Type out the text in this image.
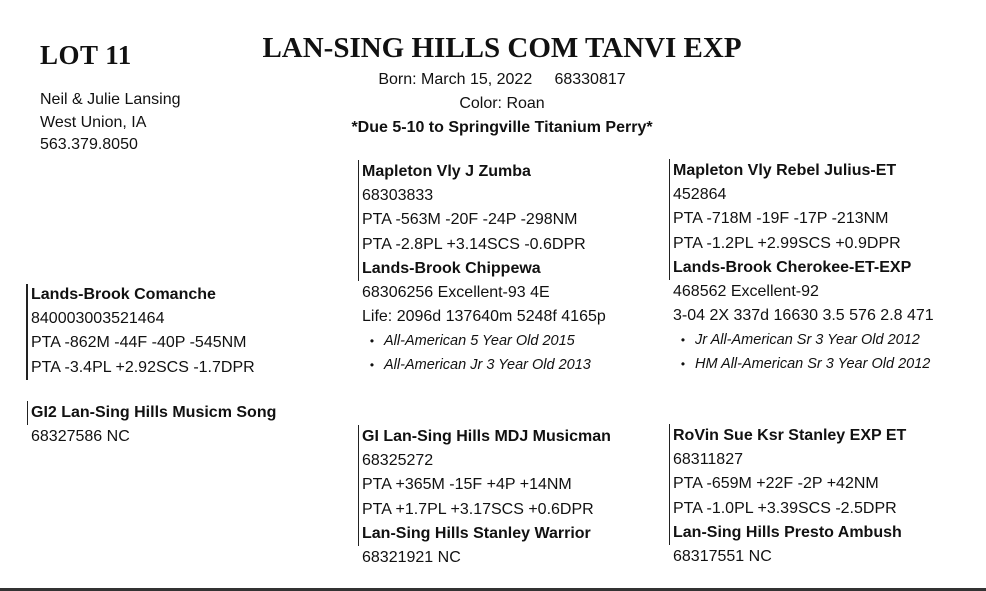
LOT 11	LAN-SING HILLS COM TANVI EXP
Born: March 15, 2022     68330817
Color: Roan
*Due 5-10 to Springville Titanium Perry*
Neil & Julie Lansing
West Union, IA
563.379.8050
Lands-Brook Comanche
840003003521464
PTA -862M -44F -40P -545NM
PTA -3.4PL +2.92SCS -1.7DPR
GI2 Lan-Sing Hills Musicm Song
68327586 NC
Mapleton Vly J Zumba
68303833
PTA -563M -20F -24P -298NM
PTA -2.8PL +3.14SCS -0.6DPR
Lands-Brook Chippewa
68306256 Excellent-93 4E
Life: 2096d 137640m 5248f 4165p
• All-American 5 Year Old 2015
• All-American Jr 3 Year Old 2013
Mapleton Vly Rebel Julius-ET
452864
PTA -718M -19F -17P -213NM
PTA -1.2PL +2.99SCS +0.9DPR
Lands-Brook Cherokee-ET-EXP
468562 Excellent-92
3-04 2X 337d 16630 3.5 576 2.8 471
• Jr All-American Sr 3 Year Old 2012
• HM All-American Sr 3 Year Old 2012
GI Lan-Sing Hills MDJ Musicman
68325272
PTA +365M -15F +4P +14NM
PTA +1.7PL +3.17SCS +0.6DPR
Lan-Sing Hills Stanley Warrior
68321921 NC
RoVin Sue Ksr Stanley EXP ET
68311827
PTA -659M +22F -2P +42NM
PTA -1.0PL +3.39SCS -2.5DPR
Lan-Sing Hills Presto Ambush
68317551 NC
